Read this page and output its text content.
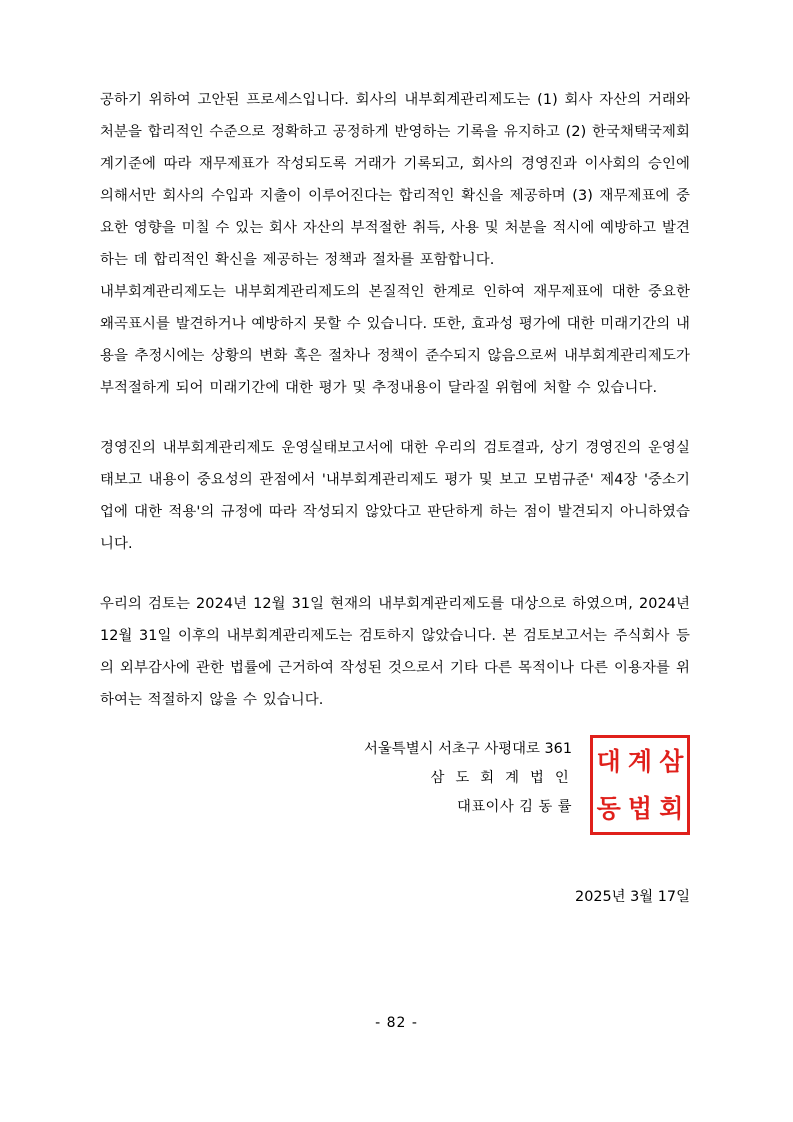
공하기 위하여 고안된 프로세스입니다. 회사의 내부회계관리제도는 (1) 회사 자산의 거래와 처분을 합리적인 수준으로 정확하고 공정하게 반영하는 기록을 유지하고 (2) 한국채택국제회계기준에 따라 재무제표가 작성되도록 거래가 기록되고, 회사의 경영진과 이사회의 승인에 의해서만 회사의 수입과 지출이 이루어진다는 합리적인 확신을 제공하며 (3) 재무제표에 중요한 영향을 미칠 수 있는 회사 자산의 부적절한 취득, 사용 및 처분을 적시에 예방하고 발견하는 데 합리적인 확신을 제공하는 정책과 절차를 포함합니다.

내부회계관리제도는 내부회계관리제도의 본질적인 한계로 인하여 재무제표에 대한 중요한 왜곡표시를 발견하거나 예방하지 못할 수 있습니다. 또한, 효과성 평가에 대한 미래기간의 내용을 추정시에는 상황의 변화 혹은 절차나 정책이 준수되지 않음으로써 내부회계관리제도가 부적절하게 되어 미래기간에 대한 평가 및 추정내용이 달라질 위험에 처할 수 있습니다.

경영진의 내부회계관리제도 운영실태보고서에 대한 우리의 검토결과, 상기 경영진의 운영실태보고 내용이 중요성의 관점에서 '내부회계관리제도 평가 및 보고 모범규준' 제4장 '중소기업에 대한 적용'의 규정에 따라 작성되지 않았다고 판단하게 하는 점이 발견되지 아니하였습니다.

우리의 검토는 2024년 12월 31일 현재의 내부회계관리제도를 대상으로 하였으며, 2024년 12월 31일 이후의 내부회계관리제도는 검토하지 않았습니다. 본 검토보고서는 주식회사 등의 외부감사에 관한 법률에 근거하여 작성된 것으로서 기타 다른 목적이나 다른 이용자를 위하여는 적절하지 않을 수 있습니다.

서울특별시 서초구 사평대로 361
삼 도 회 계 법 인
대표이사 김 동 률
삼
계
대
회
법
동
2025년 3월 17일
- 82 -
